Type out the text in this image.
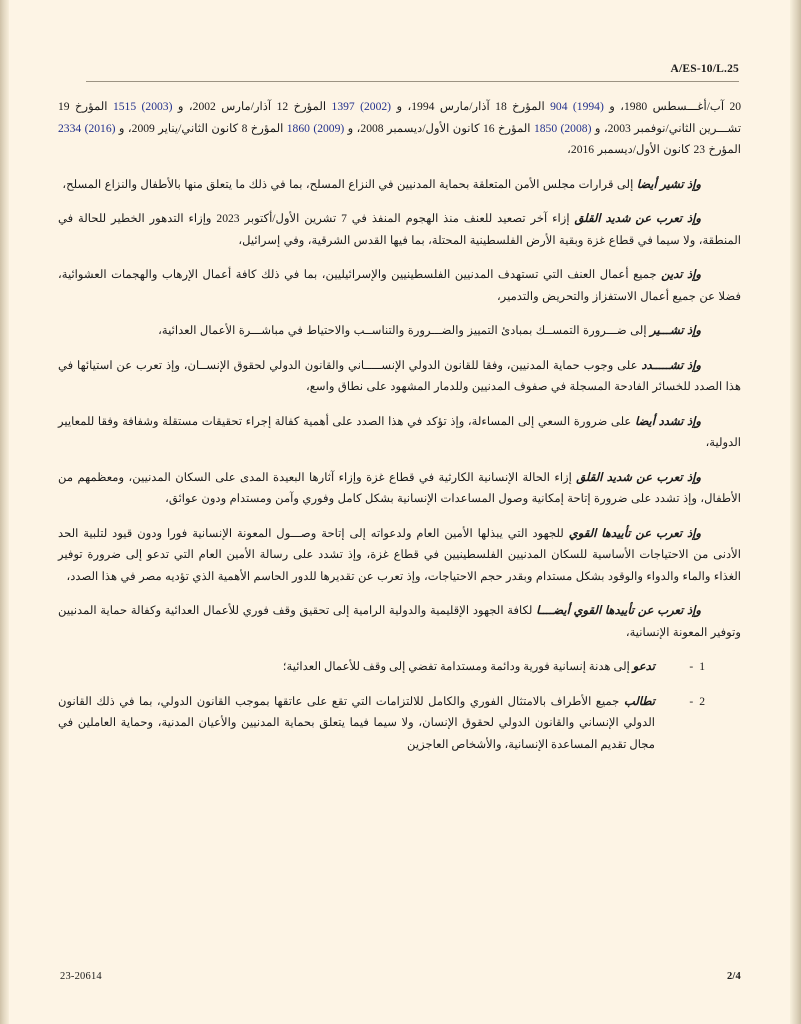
A/ES-10/L.25
20 آب/أغـــسطس 1980، و 904 (1994) المؤرخ 18 آذار/مارس 1994، و 1397 (2002) المؤرخ 12 آذار/مارس 2002، و 1515 (2003) المؤرخ 19 تشـــرين الثاني/نوفمبر 2003، و 1850 (2008) المؤرخ 16 كانون الأول/ديسمبر 2008، و 1860 (2009) المؤرخ 8 كانون الثاني/يناير 2009، و 2334 (2016) المؤرخ 23 كانون الأول/ديسمبر 2016،
وإذ تشير أيضا إلى قرارات مجلس الأمن المتعلقة بحماية المدنيين في النزاع المسلح، بما في ذلك ما يتعلق منها بالأطفال والنزاع المسلح،
وإذ تعرب عن شديد القلق إزاء آخر تصعيد للعنف منذ الهجوم المنفذ في 7 تشرين الأول/أكتوبر 2023 وإزاء التدهور الخطير للحالة في المنطقة، ولا سيما في قطاع غزة وبقية الأرض الفلسطينية المحتلة، بما فيها القدس الشرقية، وفي إسرائيل،
وإذ تدين جميع أعمال العنف التي تستهدف المدنيين الفلسطينيين والإسرائيليين، بما في ذلك كافة أعمال الإرهاب والهجمات العشوائية، فضلا عن جميع أعمال الاستفزاز والتحريض والتدمير،
وإذ تشـــير إلى ضـــرورة التمســك بمبادئ التمييز والضـــرورة والتناســب والاحتياط في مباشـــرة الأعمال العدائية،
وإذ تشـــــدد على وجوب حماية المدنيين، وفقا للقانون الدولي الإنســـــاني والقانون الدولي لحقوق الإنســان، وإذ تعرب عن استيائها في هذا الصدد للخسائر الفادحة المسجلة في صفوف المدنيين وللدمار المشهود على نطاق واسع،
وإذ تشدد أيضا على ضرورة السعي إلى المساءلة، وإذ تؤكد في هذا الصدد على أهمية كفالة إجراء تحقيقات مستقلة وشفافة وفقا للمعايير الدولية،
وإذ تعرب عن شديد القلق إزاء الحالة الإنسانية الكارثية في قطاع غزة وإزاء آثارها البعيدة المدى على السكان المدنيين، ومعظمهم من الأطفال، وإذ تشدد على ضرورة إتاحة إمكانية وصول المساعدات الإنسانية بشكل كامل وفوري وآمن ومستدام ودون عوائق،
وإذ تعرب عن تأييدها القوي للجهود التي يبذلها الأمين العام ولدعواته إلى إتاحة وصـــول المعونة الإنسانية فورا ودون قيود لتلبية الحد الأدنى من الاحتياجات الأساسية للسكان المدنيين الفلسطينيين في قطاع غزة، وإذ تشدد على رسالة الأمين العام التي تدعو إلى ضرورة توفير الغذاء والماء والدواء والوقود بشكل مستدام وبقدر حجم الاحتياجات، وإذ تعرب عن تقديرها للدور الحاسم الأهمية الذي تؤديه مصر في هذا الصدد،
وإذ تعرب عن تأييدها القوي أيضــــا لكافة الجهود الإقليمية والدولية الرامية إلى تحقيق وقف فوري للأعمال العدائية وكفالة حماية المدنيين وتوفير المعونة الإنسانية،
1-
تدعو إلى هدنة إنسانية فورية ودائمة ومستدامة تفضي إلى وقف للأعمال العدائية؛
2-
تطالب جميع الأطراف بالامتثال الفوري والكامل للالتزامات التي تقع على عاتقها بموجب القانون الدولي، بما في ذلك القانون الدولي الإنساني والقانون الدولي لحقوق الإنسان، ولا سيما فيما يتعلق بحماية المدنيين والأعيان المدنية، وحماية العاملين في مجال تقديم المساعدة الإنسانية، والأشخاص العاجزين
23-20614	2/4
